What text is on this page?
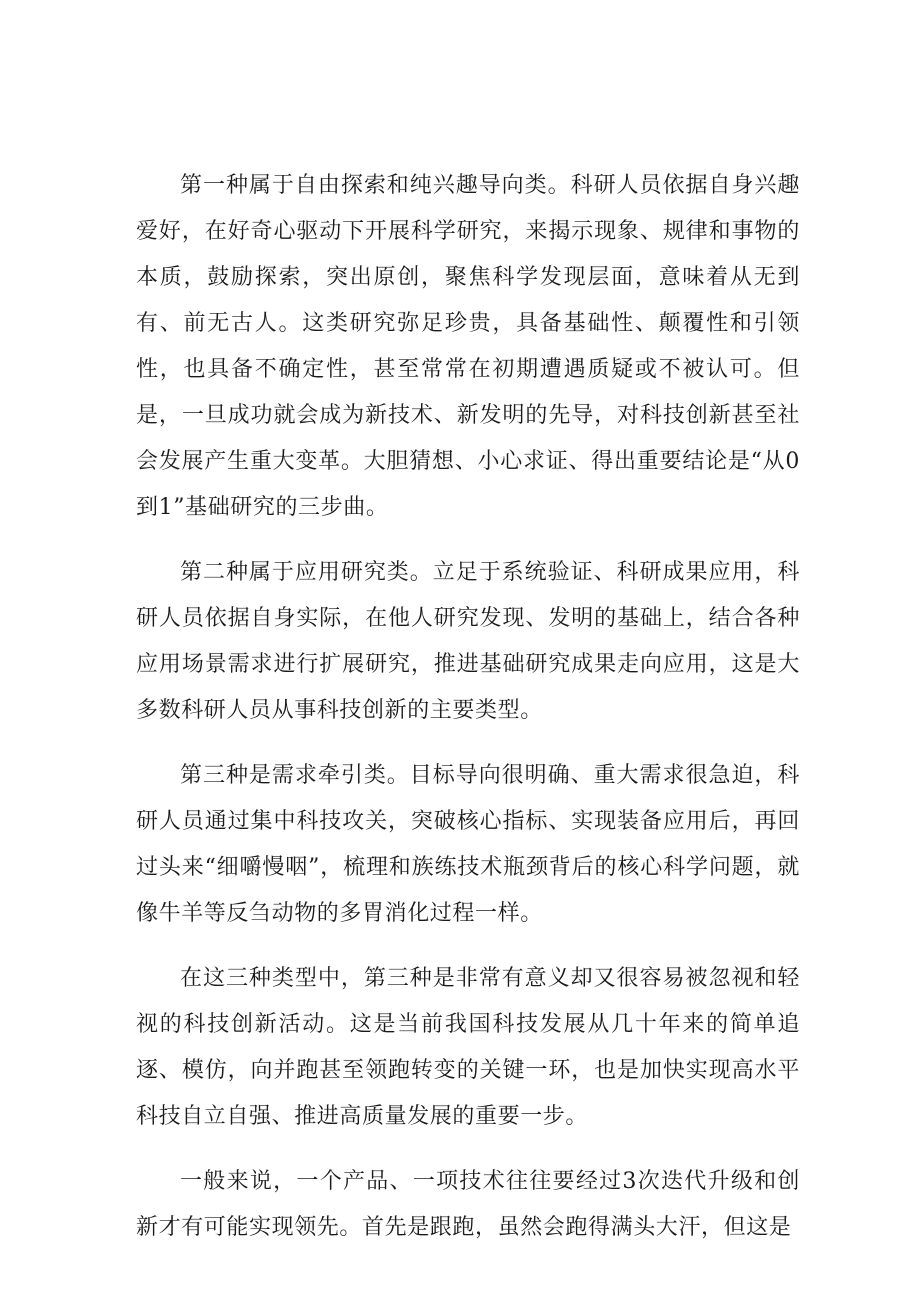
第一种属于自由探索和纯兴趣导向类。科研人员依据自身兴趣爱好，在好奇心驱动下开展科学研究，来揭示现象、规律和事物的本质，鼓励探索，突出原创，聚焦科学发现层面，意味着从无到有、前无古人。这类研究弥足珍贵，具备基础性、颠覆性和引领性，也具备不确定性，甚至常常在初期遭遇质疑或不被认可。但是，一旦成功就会成为新技术、新发明的先导，对科技创新甚至社会发展产生重大变革。大胆猜想、小心求证、得出重要结论是“从0到1”基础研究的三步曲。

第二种属于应用研究类。立足于系统验证、科研成果应用，科研人员依据自身实际，在他人研究发现、发明的基础上，结合各种应用场景需求进行扩展研究，推进基础研究成果走向应用，这是大多数科研人员从事科技创新的主要类型。

第三种是需求牵引类。目标导向很明确、重大需求很急迫，科研人员通过集中科技攻关，突破核心指标、实现装备应用后，再回过头来“细嚼慢咽”，梳理和族练技术瓶颈背后的核心科学问题，就像牛羊等反刍动物的多胃消化过程一样。

在这三种类型中，第三种是非常有意义却又很容易被忽视和轻视的科技创新活动。这是当前我国科技发展从几十年来的简单追逐、模仿，向并跑甚至领跑转变的关键一环，也是加快实现高水平科技自立自强、推进高质量发展的重要一步。

一般来说，一个产品、一项技术往往要经过3次迭代升级和创新才有可能实现领先。首先是跟跑，虽然会跑得满头大汗，但这是
